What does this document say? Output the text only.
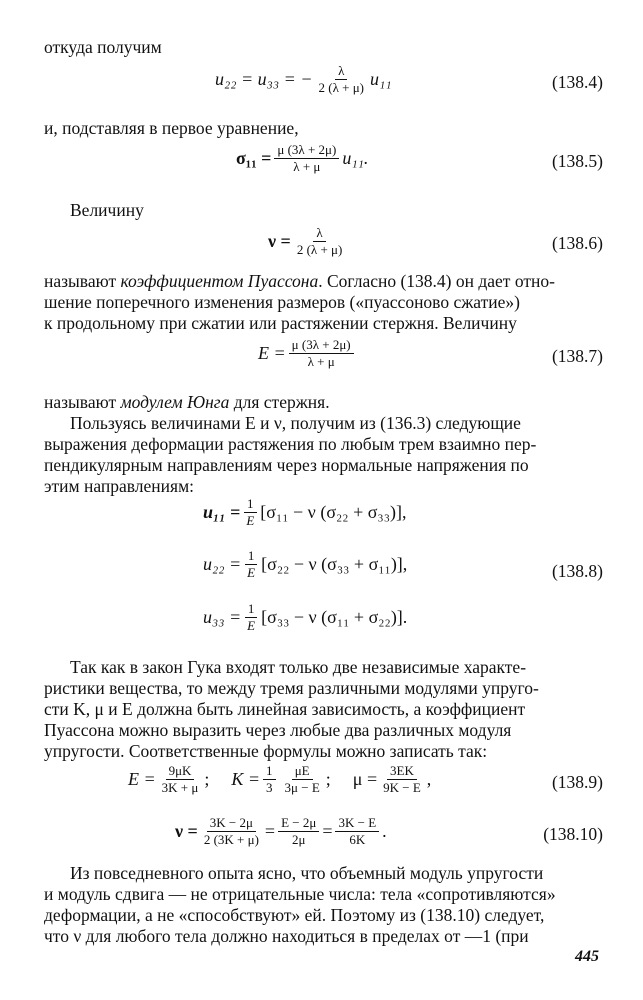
откуда получим
u₂₂ = u₃₃ = − $\frac{\lambda}{2 (\lambda + \mu)} u_{11}$	(138.4)
и, подставляя в первое уравнение,
$\sigma_{11} = \frac{\mu (3\lambda + 2\mu)}{\lambda + \mu} u_{11}$.	(138.5)
Величину
$\nu = \frac{\lambda}{2 (\lambda + \mu)}$	(138.6)
называют коэффициентом Пуассона. Согласно (138.4) он дает отно-
шение поперечного изменения размеров («пуассоново сжатие»)
к продольному при сжатии или растяжении стержня. Величину
$E = \frac{\mu (3\lambda + 2\mu)}{\lambda + \mu}$	(138.7)
называют модулем Юнга для стержня.
Пользуясь величинами E и ν, получим из (136.3) следующие
выражения деформации растяжения по любым трем взаимно пер-
пендикулярным направлениям через нормальные напряжения по
этим направлениям:
$u_{11} = \frac{1}{E} [\sigma_{11} - \nu$ (σ₂₂ + σ₃₃)],
$u_{22} = \frac{1}{E} [\sigma_{22} - \nu$ (σ₃₃ + σ₁₁)],	(138.8)
$u_{33} = \frac{1}{E} [\sigma_{33} - \nu$ (σ₁₁ + σ₂₂)].
Так как в закон Гука входят только две независимые характе-
ристики вещества, то между тремя различными модулями упруго-
сти K, μ и E должна быть линейная зависимость, а коэффициент
Пуассона можно выразить через любые два различных модуля
упругости. Соответственные формулы можно записать так:
$E = \frac{9\mu K}{3K + \mu}$ ; $K = \frac{1}{3} \frac{\mu E}{3\mu - E}$ ; $\mu = \frac{3EK}{9K - E}$ ,	(138.9)
$\nu = \frac{3K - 2\mu}{2 (3K + \mu)} = \frac{E - 2\mu}{2\mu} = \frac{3K - E}{6K}$ .	(138.10)
Из повседневного опыта ясно, что объемный модуль упругости
и модуль сдвига — не отрицательные числа: тела «сопротивляются»
деформации, а не «способствуют» ей. Поэтому из (138.10) следует,
что ν для любого тела должно находиться в пределах от —1 (при
445
